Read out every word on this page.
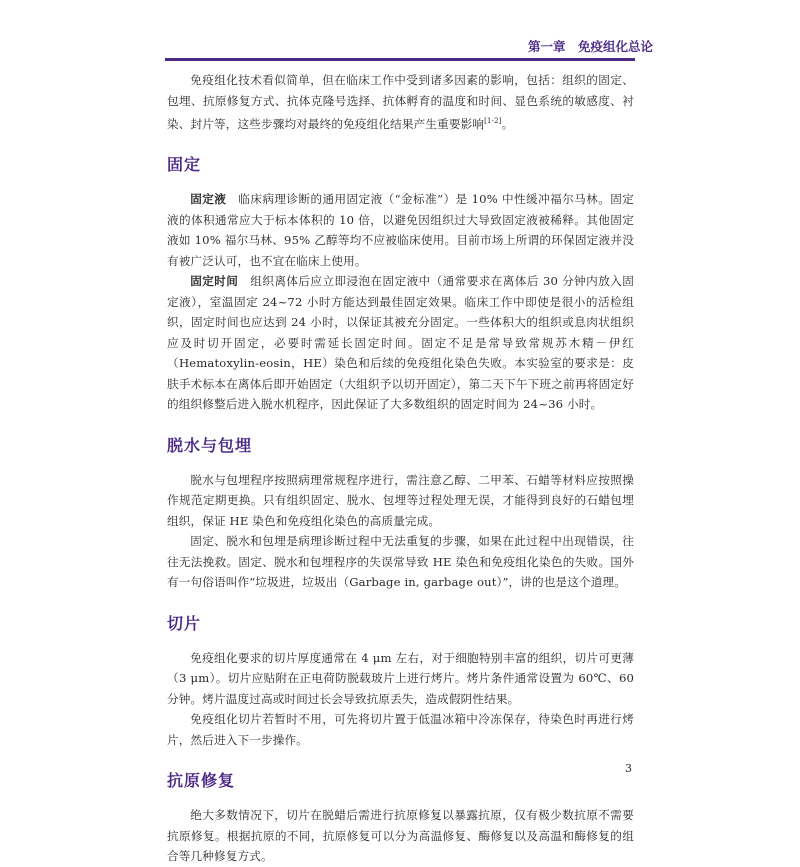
第一章　免疫组化总论

免疫组化技术看似简单，但在临床工作中受到诸多因素的影响，包括：组织的固定、包埋、抗原修复方式、抗体克隆号选择、抗体孵育的温度和时间、显色系统的敏感度、衬染、封片等，这些步骤均对最终的免疫组化结果产生重要影响[1-2]。

固定

固定液　临床病理诊断的通用固定液（“金标准”）是 10% 中性缓冲福尔马林。固定液的体积通常应大于标本体积的 10 倍，以避免因组织过大导致固定液被稀释。其他固定液如 10% 福尔马林、95% 乙醇等均不应被临床使用。目前市场上所谓的环保固定液并没有被广泛认可，也不宜在临床上使用。

固定时间　组织离体后应立即浸泡在固定液中（通常要求在离体后 30 分钟内放入固定液），室温固定 24~72 小时方能达到最佳固定效果。临床工作中即使是很小的活检组织，固定时间也应达到 24 小时，以保证其被充分固定。一些体积大的组织或息肉状组织应及时切开固定，必要时需延长固定时间。固定不足是常导致常规苏木精－伊红（Hematoxylin-eosin，HE）染色和后续的免疫组化染色失败。本实验室的要求是：皮肤手术标本在离体后即开始固定（大组织予以切开固定），第二天下午下班之前再将固定好的组织修整后进入脱水机程序，因此保证了大多数组织的固定时间为 24~36 小时。

脱水与包埋

脱水与包埋程序按照病理常规程序进行，需注意乙醇、二甲苯、石蜡等材料应按照操作规范定期更换。只有组织固定、脱水、包埋等过程处理无误，才能得到良好的石蜡包埋组织，保证 HE 染色和免疫组化染色的高质量完成。

固定、脱水和包埋是病理诊断过程中无法重复的步骤，如果在此过程中出现错误，往往无法挽救。固定、脱水和包埋程序的失误常导致 HE 染色和免疫组化染色的失败。国外有一句俗语叫作“垃圾进，垃圾出（Garbage in, garbage out）”，讲的也是这个道理。

切片

免疫组化要求的切片厚度通常在 4 μm 左右，对于细胞特别丰富的组织，切片可更薄（3 μm）。切片应贴附在正电荷防脱载玻片上进行烤片。烤片条件通常设置为 60℃、60 分钟。烤片温度过高或时间过长会导致抗原丢失，造成假阴性结果。

免疫组化切片若暂时不用，可先将切片置于低温冰箱中冷冻保存，待染色时再进行烤片，然后进入下一步操作。

抗原修复

绝大多数情况下，切片在脱蜡后需进行抗原修复以暴露抗原，仅有极少数抗原不需要抗原修复。根据抗原的不同，抗原修复可以分为高温修复、酶修复以及高温和酶修复的组合等几种修复方式。

3
